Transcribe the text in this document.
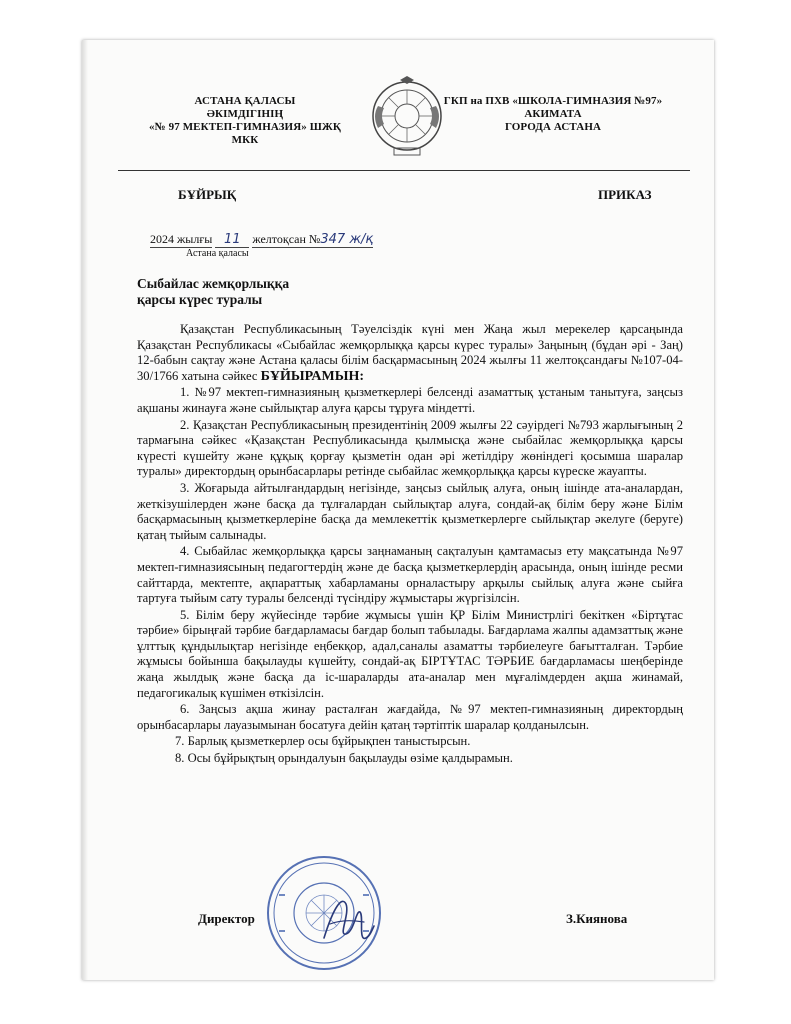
АСТАНА ҚАЛАСЫ
ӘКІМДІГІНІҢ
«№ 97 МЕКТЕП-ГИМНАЗИЯ» ШЖҚ МКК
ГКП на ПХВ «ШКОЛА-ГИМНАЗИЯ №97»
АКИМАТА
ГОРОДА АСТАНА
БҰЙРЫҚ	ПРИКАЗ
2024 жылғы 11 желтоқсан №347 ж/қ
Астана қаласы
Сыбайлас жемқорлыққа
қарсы күрес туралы

Қазақстан Республикасының Тәуелсіздік күні мен Жаңа жыл мерекелер қарсаңында Қазақстан Республикасы «Сыбайлас жемқорлыққа қарсы күрес туралы» Заңының (бұдан әрі - Заң) 12-бабын сақтау және Астана қаласы білім басқармасының 2024 жылғы 11 желтоқсандағы №107-04-30/1766 хатына сәйкес БҰЙЫРАМЫН:

1. №97 мектеп-гимназияның қызметкерлері белсенді азаматтық ұстаным танытуға, заңсыз ақшаны жинауға және сыйлықтар алуға қарсы тұруға міндетті.

2. Қазақстан Республикасының президентінің 2009 жылғы 22 сәуірдегі №793 жарлығының 2 тармағына сәйкес «Қазақстан Республикасында қылмысқа және сыбайлас жемқорлыққа қарсы күресті күшейту және құқық қорғау қызметін одан әрі жетілдіру жөніндегі қосымша шаралар туралы» директордың орынбасарлары ретінде сыбайлас жемқорлыққа қарсы күреске жауапты.

3. Жоғарыда айтылғандардың негізінде, заңсыз сыйлық алуға, оның ішінде ата-аналардан, жеткізушілерден және басқа да тұлғалардан сыйлықтар алуға, сондай-ақ білім беру және Білім басқармасының қызметкерлеріне басқа да мемлекеттік қызметкерлерге сыйлықтар әкелуге (беруге) қатаң тыйым салынады.

4. Сыбайлас жемқорлыққа қарсы заңнаманың сақталуын қамтамасыз ету мақсатында №97 мектеп-гимназиясының педагогтердің және де басқа қызметкерлердің арасында, оның ішінде ресми сайттарда, мектепте, ақпараттық хабарламаны орналастыру арқылы сыйлық алуға және сыйға тартуға тыйым сату туралы белсенді түсіндіру жұмыстары жүргізілсін.

5. Білім беру жүйесінде тәрбие жұмысы үшін ҚР Білім Министрлігі бекіткен «Біртұтас тәрбие» бірыңғай тәрбие бағдарламасы бағдар болып табылады. Бағдарлама жалпы адамзаттық және ұлттық құндылықтар негізінде еңбекқор, адал,саналы азаматты тәрбиелеуге бағытталған. Тәрбие жұмысы бойынша бақылауды күшейту, сондай-ақ БІРТҰТАС ТӘРБИЕ бағдарламасы шеңберінде жаңа жылдық және басқа да іс-шараларды ата-аналар мен мұғалімдерден ақша жинамай, педагогикалық күшімен өткізілсін.

6. Заңсыз ақша жинау расталған жағдайда, №97 мектеп-гимназияның директордың орынбасарлары лауазымынан босатуға дейін қатаң тәртіптік шаралар қолданылсын.

7. Барлық қызметкерлер осы бұйрықпен таныстырсын.

8. Осы бұйрықтың орындалуын бақылауды өзіме қалдырамын.

Директор	З.Киянова
